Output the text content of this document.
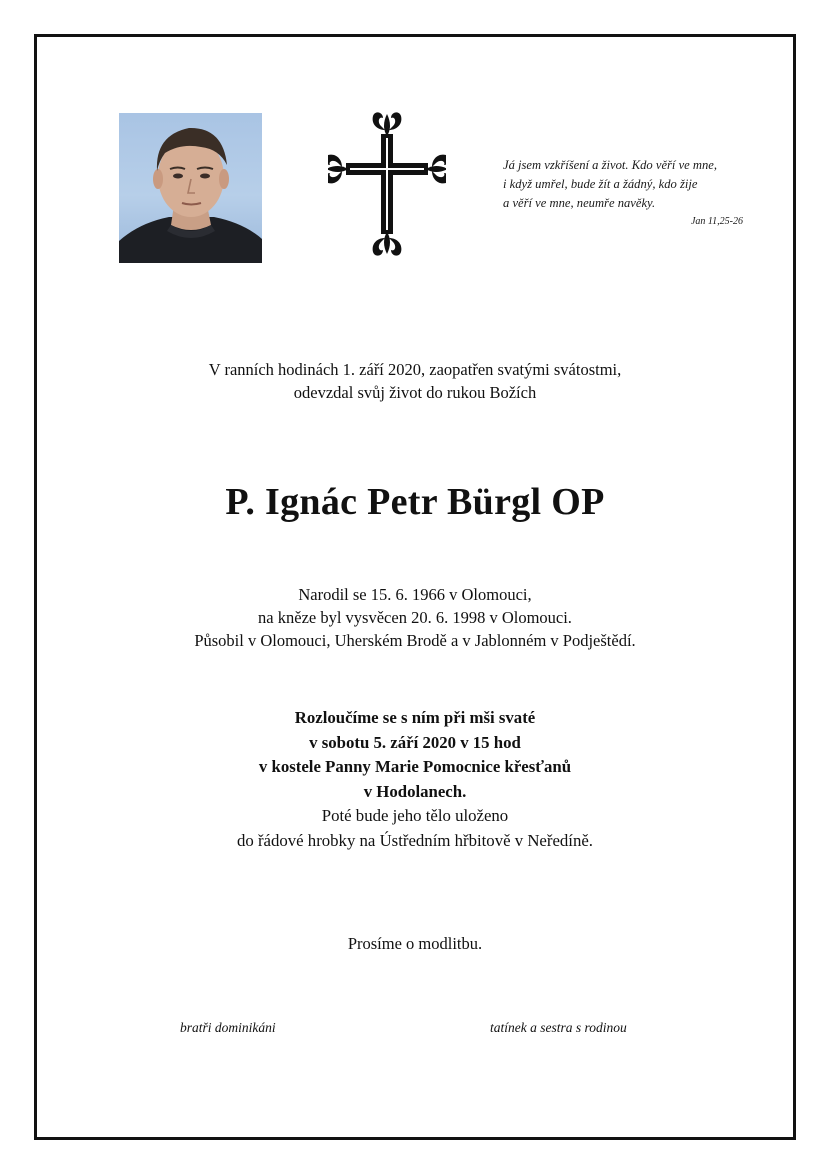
Já jsem vzkříšení a život. Kdo věří ve mne,
i když umřel, bude žít a žádný, kdo žije
a věří ve mne, neumře navěky.
Jan 11,25-26
V ranních hodinách 1. září 2020, zaopatřen svatými svátostmi,
odevzdal svůj život do rukou Božích
P. Ignác Petr Bürgl OP
Narodil se 15. 6. 1966 v Olomouci,
na kněze byl vysvěcen 20. 6. 1998 v Olomouci.
Působil v Olomouci, Uherském Brodě a v Jablonném v Podještědí.
Rozloučíme se s ním při mši svaté
v sobotu 5. září 2020 v 15 hod
v kostele Panny Marie Pomocnice křesťanů
v Hodolanech.
Poté bude jeho tělo uloženo
do řádové hrobky na Ústředním hřbitově v Neředíně.
Prosíme o modlitbu.
bratři dominikáni	tatínek a sestra s rodinou
